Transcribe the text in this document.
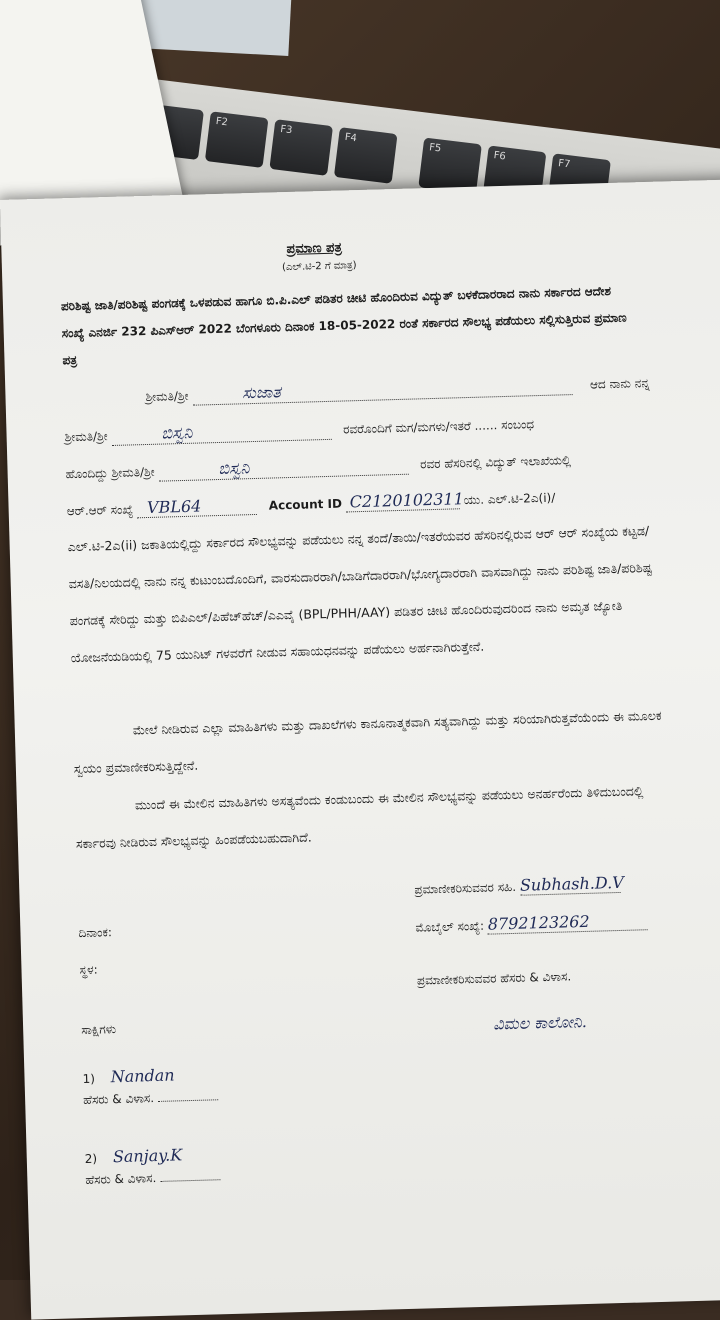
F2
F3
F4
F5
F6
F7
ಪ್ರಮಾಣ ಪತ್ರ
(ಎಲ್.ಟಿ-2 ಗೆ ಮಾತ್ರ)
ಪರಿಶಿಷ್ಟ ಜಾತಿ/ಪರಿಶಿಷ್ಟ ಪಂಗಡಕ್ಕೆ ಒಳಪಡುವ ಹಾಗೂ ಬಿ.ಪಿ.ಎಲ್ ಪಡಿತರ ಚೀಟಿ ಹೊಂದಿರುವ ವಿದ್ಯುತ್ ಬಳಕೆದಾರರಾದ ನಾನು ಸರ್ಕಾರದ ಆದೇಶ ಸಂಖ್ಯೆ ಎನರ್ಜಿ 232 ಪಿಎಸ್ಆರ್ 2022 ಬೆಂಗಳೂರು ದಿನಾಂಕ 18-05-2022 ರಂತೆ ಸರ್ಕಾರದ ಸೌಲಭ್ಯ ಪಡೆಯಲು ಸಲ್ಲಿಸುತ್ತಿರುವ ಪ್ರಮಾಣ ಪತ್ರ
ಶ್ರೀಮತಿ/ಶ್ರೀ	ಸುಜಾತ	ಆದ ನಾನು ನನ್ನ
ಶ್ರೀಮತಿ/ಶ್ರೀ	ಬಿಸ್ವನಿ	ರವರೊಂದಿಗೆ ಮಗ/ಮಗಳು/ಇತರೆ ...... ಸಂಬಂಧ
ಹೊಂದಿದ್ದು ಶ್ರೀಮತಿ/ಶ್ರೀ	ಬಿಸ್ವನಿ	ರವರ ಹೆಸರಿನಲ್ಲಿ ವಿದ್ಯುತ್ ಇಲಾಖೆಯಲ್ಲಿ
ಆರ್.ಆರ್ ಸಂಖ್ಯೆ VBL64	Account ID C2120102311 ಯು. ಎಲ್.ಟಿ-2ಎ(i)/
ಎಲ್.ಟಿ-2ಎ(ii) ಜಕಾತಿಯಲ್ಲಿದ್ದು ಸರ್ಕಾರದ ಸೌಲಭ್ಯವನ್ನು ಪಡೆಯಲು ನನ್ನ ತಂದೆ/ತಾಯಿ/ಇತರೆಯವರ ಹೆಸರಿನಲ್ಲಿರುವ ಆರ್ ಆರ್ ಸಂಖ್ಯೆಯ ಕಟ್ಟಡ/ವಸತಿ/ನಿಲಯದಲ್ಲಿ ನಾನು ನನ್ನ ಕುಟುಂಬದೊಂದಿಗೆ, ವಾರಸುದಾರರಾಗಿ/ಬಾಡಿಗೆದಾರರಾಗಿ/ಭೋಗ್ಯದಾರರಾಗಿ ವಾಸವಾಗಿದ್ದು ನಾನು ಪರಿಶಿಷ್ಟ ಜಾತಿ/ಪರಿಶಿಷ್ಟ ಪಂಗಡಕ್ಕೆ ಸೇರಿದ್ದು ಮತ್ತು ಬಿಪಿಎಲ್/ಪಿಹೆಚ್‌ಹೆಚ್/ಎಎವೈ (BPL/PHH/AAY) ಪಡಿತರ ಚೀಟಿ ಹೊಂದಿರುವುದರಿಂದ ನಾನು ಅಮೃತ ಜ್ಯೋತಿ ಯೋಜನೆಯಡಿಯಲ್ಲಿ 75 ಯುನಿಟ್ ಗಳವರೆಗೆ ನೀಡುವ ಸಹಾಯಧನವನ್ನು ಪಡೆಯಲು ಅರ್ಹನಾಗಿರುತ್ತೇನೆ.
ಮೇಲೆ ನೀಡಿರುವ ಎಲ್ಲಾ ಮಾಹಿತಿಗಳು ಮತ್ತು ದಾಖಲೆಗಳು ಕಾನೂನಾತ್ಮಕವಾಗಿ ಸತ್ಯವಾಗಿದ್ದು ಮತ್ತು ಸರಿಯಾಗಿರುತ್ತವೆಯೆಂದು ಈ ಮೂಲಕ ಸ್ವಯಂ ಪ್ರಮಾಣೀಕರಿಸುತ್ತಿದ್ದೇನೆ.
ಮುಂದೆ ಈ ಮೇಲಿನ ಮಾಹಿತಿಗಳು ಅಸತ್ಯವೆಂದು ಕಂಡುಬಂದು ಈ ಮೇಲಿನ ಸೌಲಭ್ಯವನ್ನು ಪಡೆಯಲು ಅನರ್ಹರೆಂದು ತಿಳಿದುಬಂದಲ್ಲಿ ಸರ್ಕಾರವು ನೀಡಿರುವ ಸೌಲಭ್ಯವನ್ನು ಹಿಂಪಡೆಯಬಹುದಾಗಿದೆ.
ಪ್ರಮಾಣೀಕರಿಸುವವರ ಸಹಿ. Subhash.D.V
ದಿನಾಂಕ:	ಮೊಬೈಲ್ ಸಂಖ್ಯೆ: 8792123262
ಸ್ಥಳ:	ಪ್ರಮಾಣೀಕರಿಸುವವರ ಹೆಸರು & ವಿಳಾಸ.
ಸಾಕ್ಷಿಗಳು	ವಿಮಲ ಕಾಲೋನಿ.
1) Nandan
ಹೆಸರು & ವಿಳಾಸ.
2) Sanjay.K
ಹೆಸರು & ವಿಳಾಸ.
